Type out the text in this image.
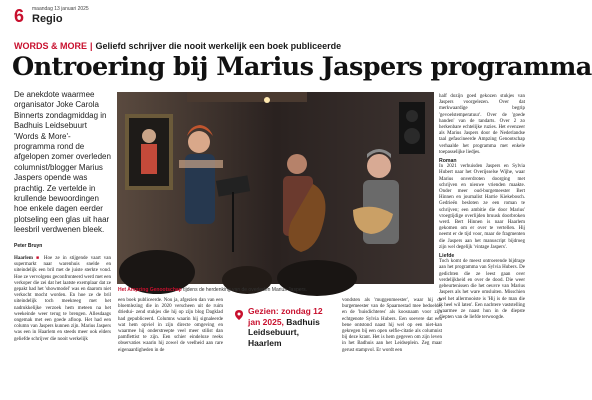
6 maandag 13 januari 2025
Regio
WORDS & MORE | Geliefd schrijver die nooit werkelijk een boek publiceerde
Ontroering bij Marius Jaspers programma
De anekdote waarmee organisator Joke Carola Binnerts zondagmiddag in Badhuis Leidsebuurt 'Words & More'-programma rond de afgelopen zomer overleden columnist/blogger Marius Jaspers opende was prachtig. Ze vertelde in krullende bewoordingen hoe enkele dagen eerder plotseling een glas uit haar leesbril verdwenen bleek.
Peter Bruyn
Haarlem ■ Hoe ze in stijgende vaart van supermarkt naar warenhuis snelde en uiteindelijk een bril met de juiste sterkte vond. Hoe ze vervolgens geconfronteerd werd met een verkoper die zei dat het laatste exemplaar dat ze gepakt had het 'showmodel' was en daarom niet verkocht mocht worden. En hoe ze de bril uiteindelijk toch meekreeg met het nadrukkelijke verzoek hem meteen na het weekeinde weer terug te brengen. Allesdaags ongemak met een goede afloop. Het had een column van Jaspers kunnen zijn. Marius Jaspers was een in Haarlem en steeds meer ook elders geliefde schrijver die nooit werkelijk
Het Ampzing Genootschap tijdens de herdenking van de overleden Marius Jaspers.
een boek publiceerde. Nou ja, afgezien dan van een bloemlezing die in 2020 verscheen uit de ruim driedui- zend stukjes die hij op zijn blog Dagklad had gepubliceerd. Columns waarin hij signaleerde wat hem opviel in zijn directe omgeving en waarmee hij onderstreepte veel meer stilist dan pamflettist te zijn. Een schier eindeloze reeks observaties waarin hij zowel de veelheid aan rare eigenaardigheden in de
Gezien: zondag 12 jan 2025, Badhuis Leidsebuurt, Haarlem
vondsten als 'muggenmeester', waar hij de burgemeester van de Spaarnestad mee bedoelde, en de 'huisdichteres' als koosnaam voor zijn echtgenote Sylvia Hubers. Een soevere dat een bene ontstond naast hij wel op een niet-kan gekregen bij een open selfie-citatie als columnist bij deze krant. Het is hem gegeven om zijn leven in het Badhuis aan het Leidseplein. Zeg maar gerust stampvol. Er wordt een
half dozijn goed gekozen stukjes van Jaspers voorgelezen. Over dat merkwaardige begrip 'gevoelstemperatuur'. Over de 'goede handen' van de tandarts. Over 2 zo herkenbare echtelijke ruzies. Het evenzeer als Marius Jaspers door de Nederlandse taal gefascineerde Ampzing Genootschap verhaalde het programma met enkele toepasselijke liedjes.
Roman
In 2021 verhuisden Jaspers en Sylvia Hubert naar het Overijsselse Wijhe, waar Marius onverdroten doorging met schrijven en nieuwe vrienden maakte. Onder meer oud-burgemeester Bert Hinnen en journalist Harrie Kiekebosch. Gedrieën besloten ze een roman te schrijven; een ambitie die door Marius' vroegtijdige overlijden bruusk doorbroken werd. Bert Hinnen is naar Haarlem gekomen om er over te vertellen. Hij neemt er de tijd voor, maar de fragmenten die Jaspers aan het manuscript bijdroeg zijn wel degelijk 'vintage Jaspers'.
Liefde
Toch komt de meest ontroerende bijdrage aan het programma van Sylvia Hubers. De gedichten die ze leest gaan over verdelijkheid en over de dood. Die weer gebeurtenissen die het oeuvre van Marius Jaspers als het ware omsluiten. Misschien wel het allermooiste is 'Hij is de man die ik heel wil laten'. Een nachtere vaststelling waarmee ze naast hun in de diepste diepten van de liefde terwoogde.
